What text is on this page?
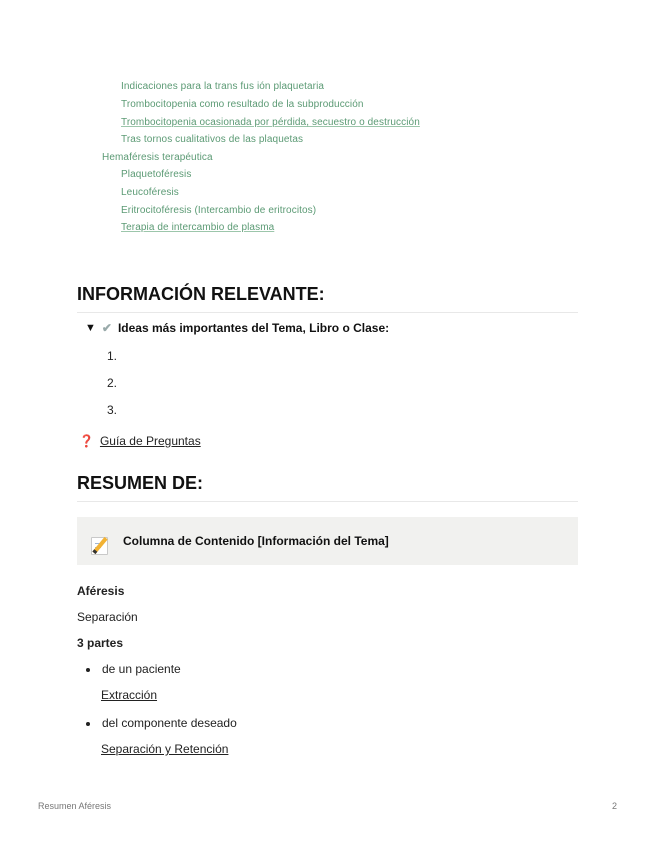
Indicaciones para la trans fus ión plaquetaria
Trombocitopenia como resultado de la subproducción
Trombocitopenia ocasionada por pérdida, secuestro o destrucción
Tras tornos cualitativos de las plaquetas
Hemaféresis terapéutica
Plaquetoféresis
Leucoféresis
Eritrocitoféresis (Intercambio de eritrocitos)
Terapia de intercambio de plasma
INFORMACIÓN RELEVANTE:
▼ ✔ Ideas más importantes del Tema, Libro o Clase:
1.
2.
3.
❓ Guía de Preguntas
RESUMEN DE:
Columna de Contenido [Información del Tema]
Aféresis
Separación
3 partes
de un paciente
Extracción
del componente deseado
Separación y Retención
Resumen Aféresis	2
